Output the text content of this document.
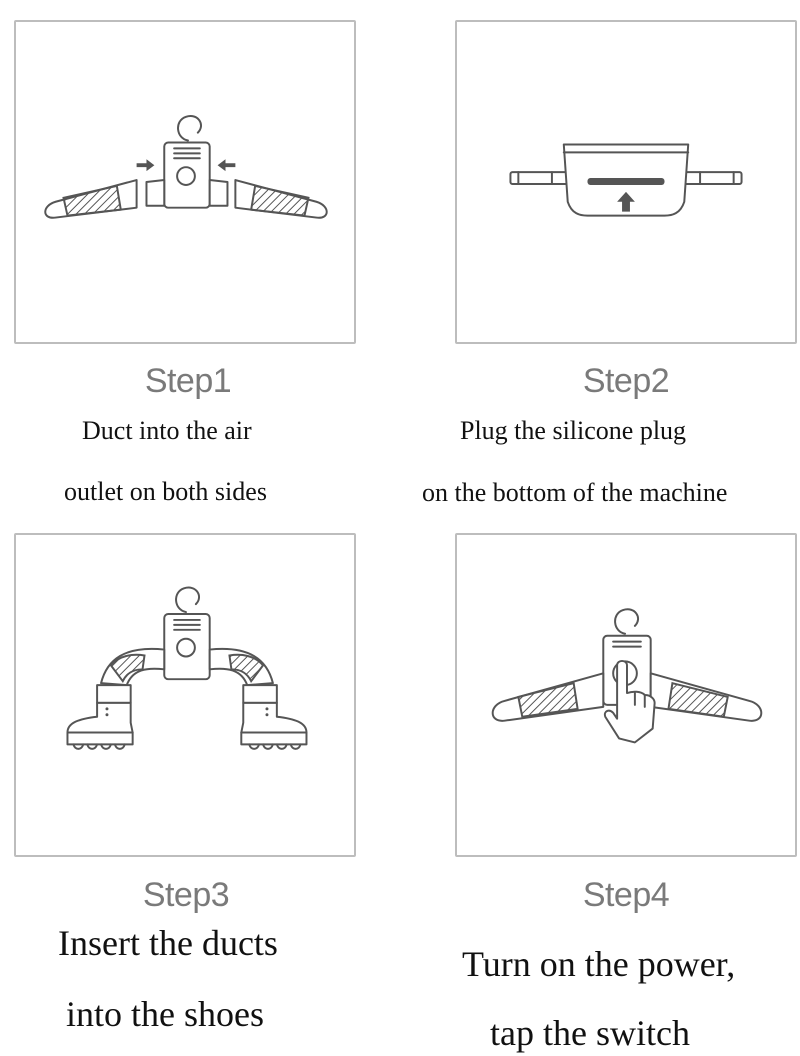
Step1
Duct into the air
outlet on both sides
Step2
Plug the silicone plug
on the bottom of the machine
Step3
Insert the ducts
into the shoes
Step4
Turn on the power,
tap the switch
